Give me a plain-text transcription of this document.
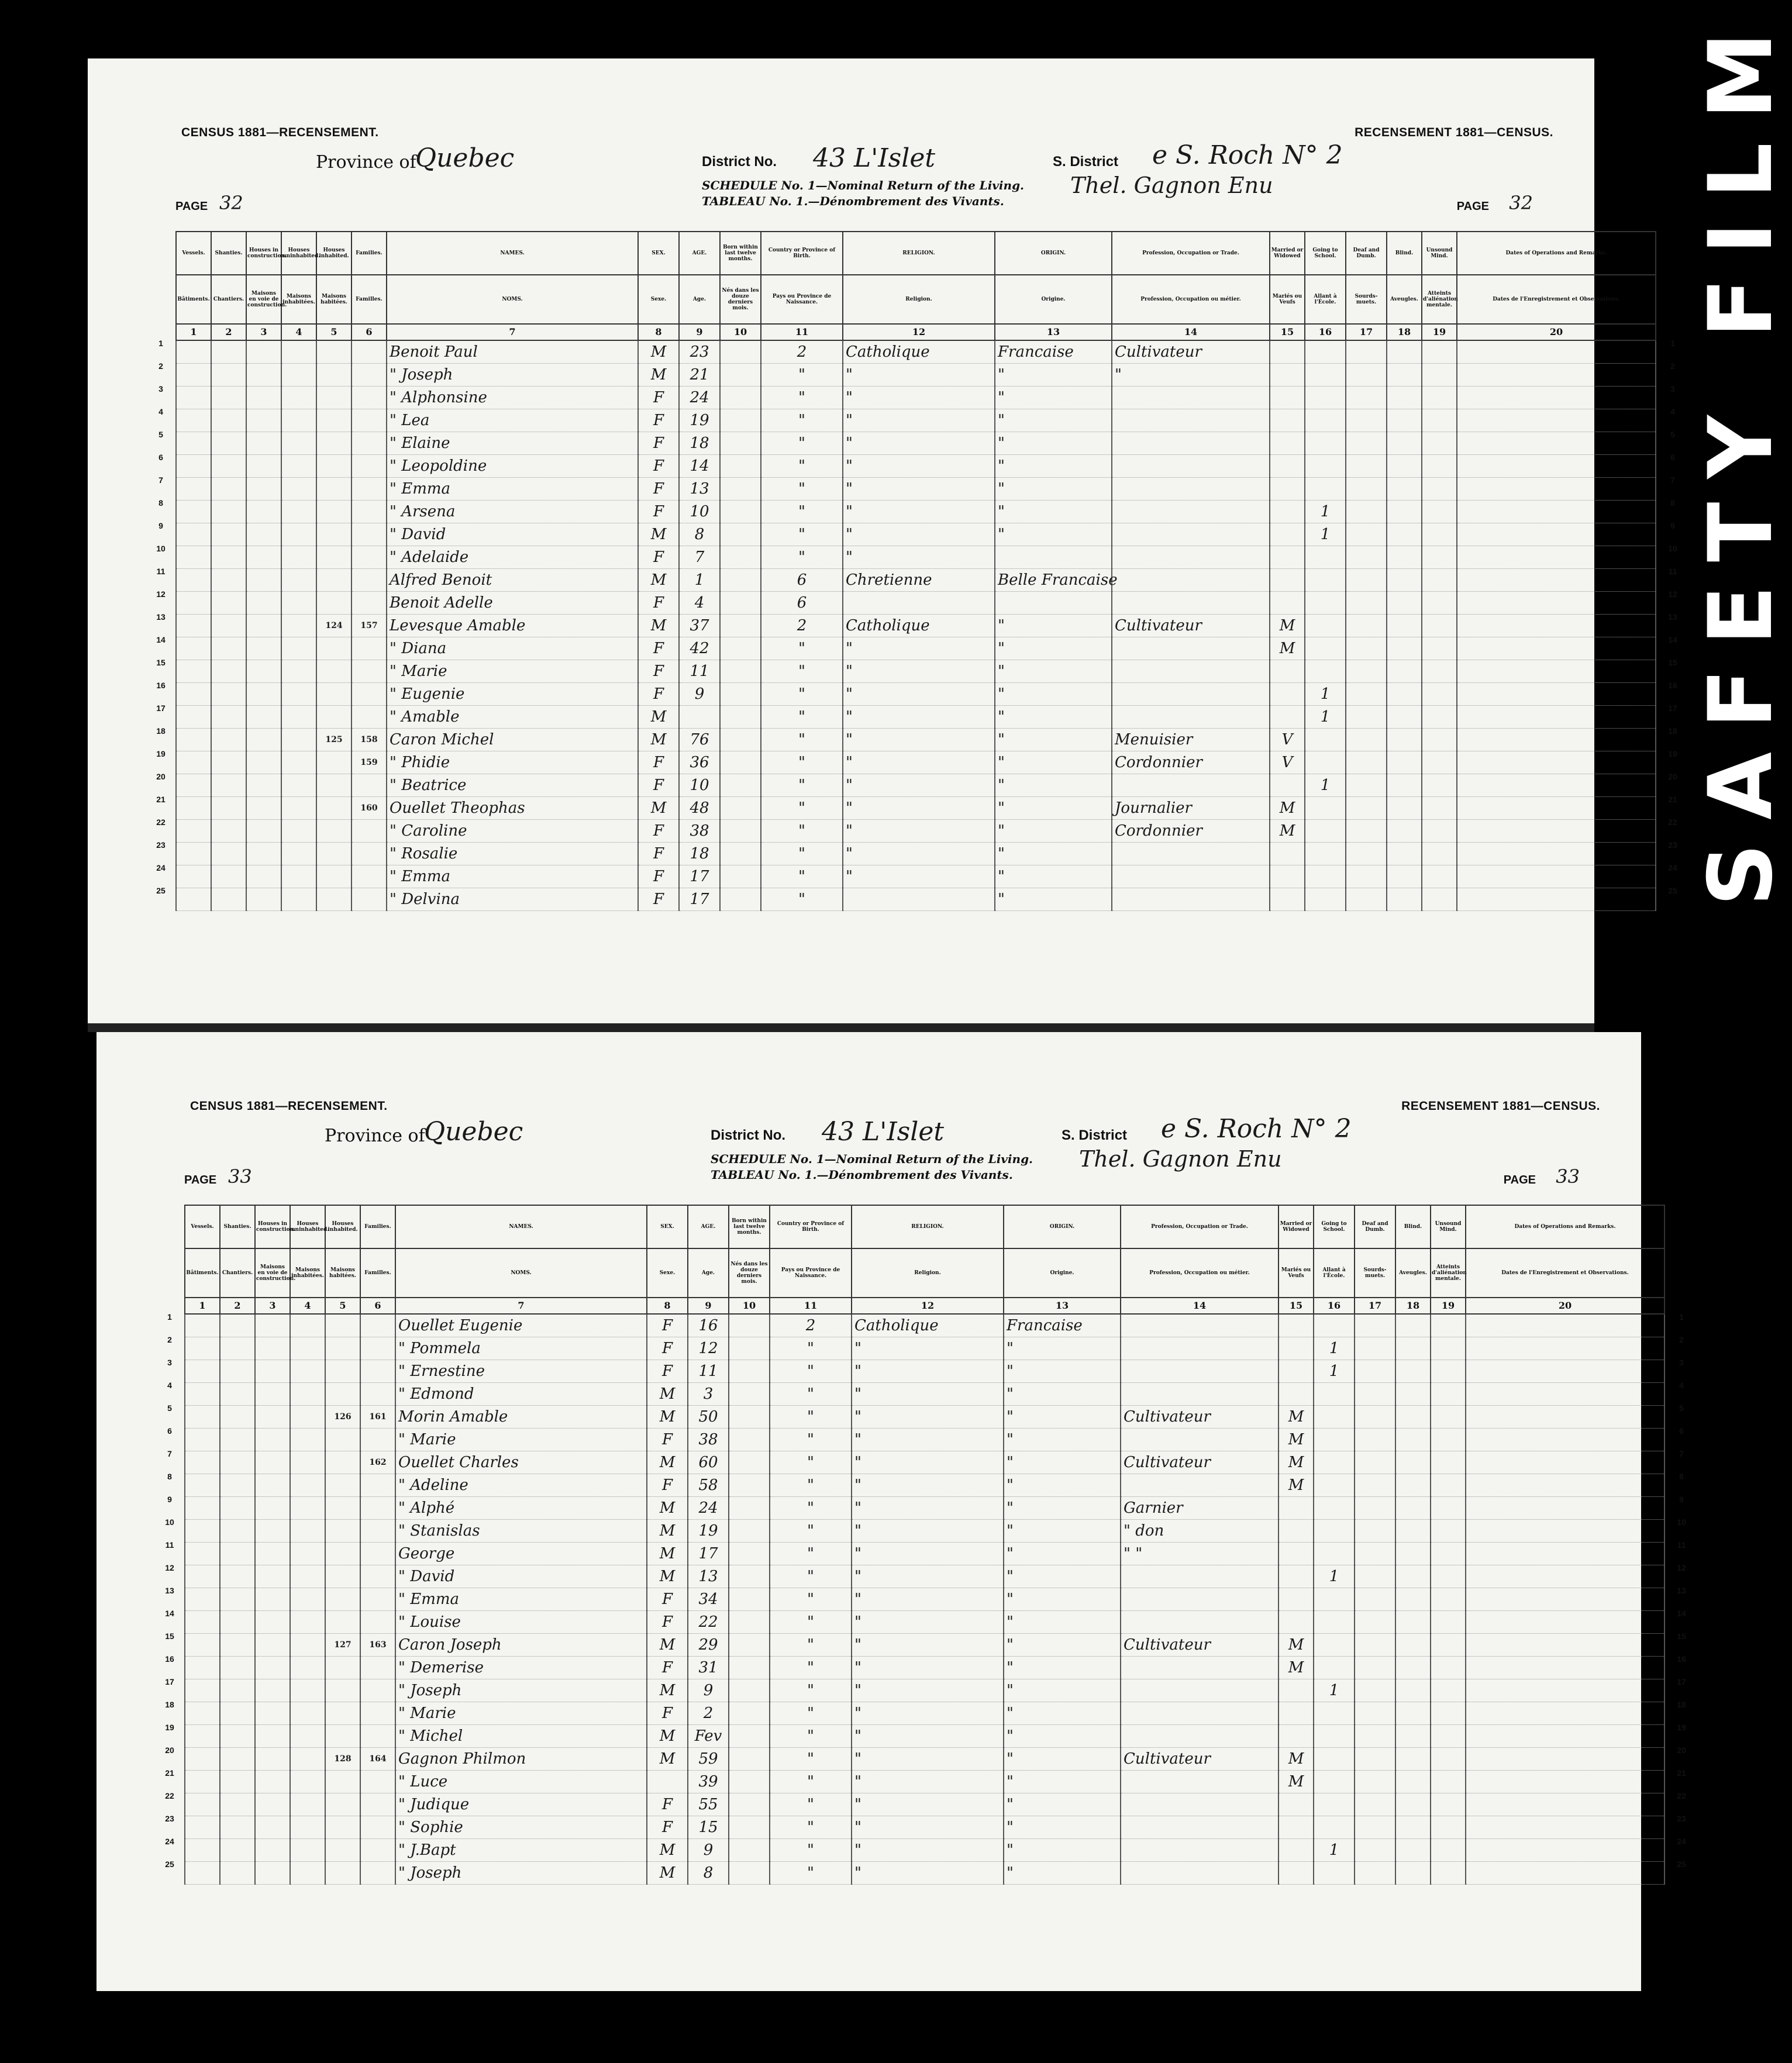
CENSUS 1881—RECENSEMENT.	RECENSEMENT 1881—CENSUS.
Province of
Quebec	District No. 43 L'Islet	S. District e S. Roch N° 2
SCHEDULE No. 1—Nominal Return of the Living.
TABLEAU No. 1.—Dénombrement des Vivants.
Thel. Gagnon Enu
PAGE 32	PAGE 32
Vessels.	Shanties.	Houses in construction.	Houses uninhabited.	Houses inhabited.	Families.	NAMES.	SEX.	AGE.	Born within last twelve months.	Country or Province of Birth.	RELIGION.	ORIGIN.	Profession, Occupation or Trade.	Married or Widowed	Going to School.	Deaf and Dumb.	Blind.	Unsound Mind.	Dates of Operations and Remarks.
Bâtiments.	Chantiers.	Maisons en voie de construction.	Maisons inhabitées.	Maisons habitées.	Familles.	NOMS.	Sexe.	Age.	Nés dans les douze derniers mois.	Pays ou Province de Naissance.	Religion.	Origine.	Profession, Occupation ou métier.	Mariés ou Veufs	Allant à l'École.	Sourds-muets.	Aveugles.	Atteints d'aliénation mentale.	Dates de l'Enregistrement et Observations.
1	2	3	4	5	6	7	8	9	10	11	12	13	14	15	16	17	18	19	20
						Benoit Paul	M	23		2	Catholique	Francaise	Cultivateur						
						" Joseph	M	21		"	"	"	"						
						" Alphonsine	F	24		"	"	"							
						" Lea	F	19		"	"	"							
						" Elaine	F	18		"	"	"							
						" Leopoldine	F	14		"	"	"							
						" Emma	F	13		"	"	"							
						" Arsena	F	10		"	"	"			1				
						" David	M	8		"	"	"			1				
						" Adelaide	F	7		"	"								
						Alfred Benoit	M	1		6	Chretienne	Belle Francaise							
						Benoit Adelle	F	4		6									
				124	157	Levesque Amable	M	37		2	Catholique	"	Cultivateur	M					
						" Diana	F	42		"	"	"		M					
						" Marie	F	11		"	"	"							
						" Eugenie	F	9		"	"	"			1				
						" Amable	M			"	"	"			1				
				125	158	Caron Michel	M	76		"	"	"	Menuisier	V					
					159	" Phidie	F	36		"	"	"	Cordonnier	V					
						" Beatrice	F	10		"	"	"			1				
					160	Ouellet Theophas	M	48		"	"	"	Journalier	M					
						" Caroline	F	38		"	"	"	Cordonnier	M					
						" Rosalie	F	18		"	"	"							
						" Emma	F	17		"	"	"							
						" Delvina	F	17		"		"							
1	1
2	2
3	3
4	4
5	5
6	6
7	7
8	8
9	9
10	10
11	11
12	12
13	13
14	14
15	15
16	16
17	17
18	18
19	19
20	20
21	21
22	22
23	23
24	24
25	25
CENSUS 1881—RECENSEMENT.	RECENSEMENT 1881—CENSUS.
Province of
Quebec	District No. 43 L'Islet	S. District e S. Roch N° 2
SCHEDULE No. 1—Nominal Return of the Living.
TABLEAU No. 1.—Dénombrement des Vivants.
Thel. Gagnon Enu
PAGE 33	PAGE 33
Vessels.	Shanties.	Houses in construction.	Houses uninhabited.	Houses inhabited.	Families.	NAMES.	SEX.	AGE.	Born within last twelve months.	Country or Province of Birth.	RELIGION.	ORIGIN.	Profession, Occupation or Trade.	Married or Widowed	Going to School.	Deaf and Dumb.	Blind.	Unsound Mind.	Dates of Operations and Remarks.
Bâtiments.	Chantiers.	Maisons en voie de construction.	Maisons inhabitées.	Maisons habitées.	Familles.	NOMS.	Sexe.	Age.	Nés dans les douze derniers mois.	Pays ou Province de Naissance.	Religion.	Origine.	Profession, Occupation ou métier.	Mariés ou Veufs	Allant à l'École.	Sourds-muets.	Aveugles.	Atteints d'aliénation mentale.	Dates de l'Enregistrement et Observations.
1	2	3	4	5	6	7	8	9	10	11	12	13	14	15	16	17	18	19	20
						Ouellet Eugenie	F	16		2	Catholique	Francaise							
						" Pommela	F	12		"	"	"			1				
						" Ernestine	F	11		"	"	"			1				
						" Edmond	M	3		"	"	"							
				126	161	Morin Amable	M	50		"	"	"	Cultivateur	M					
						" Marie	F	38		"	"	"		M					
					162	Ouellet Charles	M	60		"	"	"	Cultivateur	M					
						" Adeline	F	58		"	"	"		M					
						" Alphé	M	24		"	"	"	Garnier						
						" Stanislas	M	19		"	"	"	" don						
						George	M	17		"	"	"	" "						
						" David	M	13		"	"	"			1				
						" Emma	F	34		"	"	"							
						" Louise	F	22		"	"	"							
				127	163	Caron Joseph	M	29		"	"	"	Cultivateur	M					
						" Demerise	F	31		"	"	"		M					
						" Joseph	M	9		"	"	"			1				
						" Marie	F	2		"	"	"							
						" Michel	M	Fev		"	"	"							
				128	164	Gagnon Philmon	M	59		"	"	"	Cultivateur	M					
						" Luce		39		"	"	"		M					
						" Judique	F	55		"	"	"							
						" Sophie	F	15		"	"	"							
						" J.Bapt	M	9		"	"	"			1				
						" Joseph	M	8		"	"	"							
1	1
2	2
3	3
4	4
5	5
6	6
7	7
8	8
9	9
10	10
11	11
12	12
13	13
14	14
15	15
16	16
17	17
18	18
19	19
20	20
21	21
22	22
23	23
24	24
25	25
SAFETY FILM
